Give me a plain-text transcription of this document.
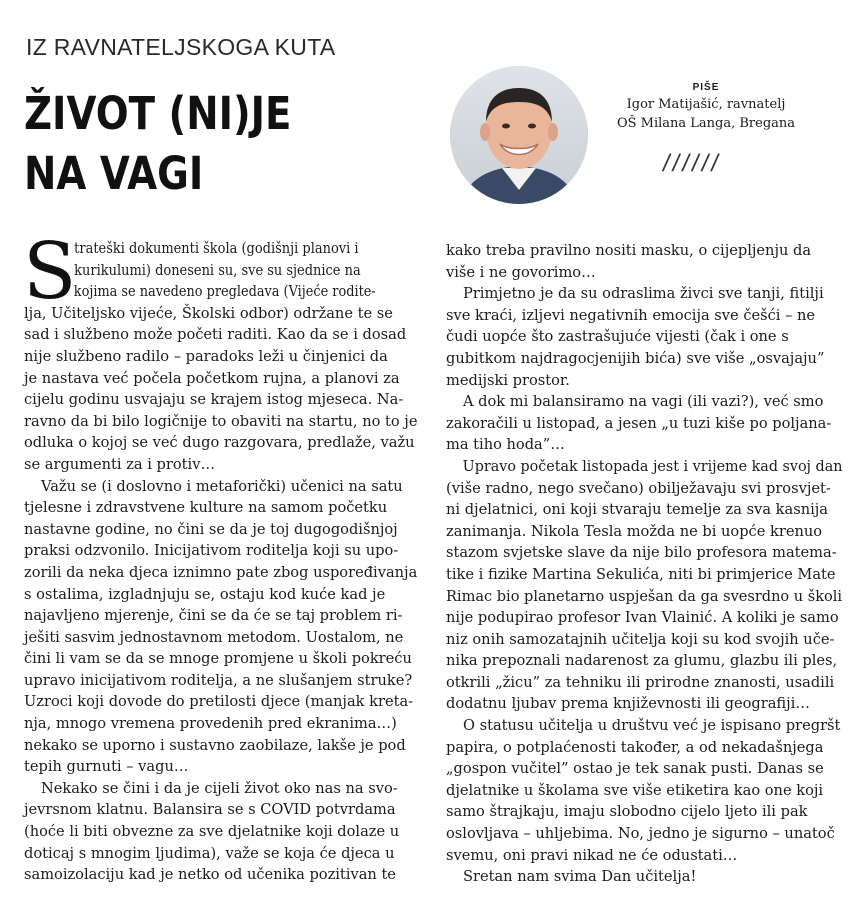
IZ RAVNATELJSKOGA KUTA
ŽIVOT (NI)JE
NA VAGI
PIŠE
Igor Matijašić, ravnatelj
OŠ Milana Langa, Bregana
//////
S
trateški dokumenti škola (godišnji planovi i
kurikulumi) doneseni su, sve su sjednice na
kojima se navedeno pregledava (Vijeće rodite-
lja, Učiteljsko vijeće, Školski odbor) održane te se
sad i službeno može početi raditi. Kao da se i dosad
nije službeno radilo – paradoks leži u činjenici da
je nastava već počela početkom rujna, a planovi za
cijelu godinu usvajaju se krajem istog mjeseca. Na-
ravno da bi bilo logičnije to obaviti na startu, no to je
odluka o kojoj se već dugo razgovara, predlaže, važu
se argumenti za i protiv…
Važu se (i doslovno i metaforički) učenici na satu
tjelesne i zdravstvene kulture na samom početku
nastavne godine, no čini se da je toj dugogodišnjoj
praksi odzvonilo. Inicijativom roditelja koji su upo-
zorili da neka djeca iznimno pate zbog uspoređivanja
s ostalima, izgladnjuju se, ostaju kod kuće kad je
najavljeno mjerenje, čini se da će se taj problem ri-
ješiti sasvim jednostavnom metodom. Uostalom, ne
čini li vam se da se mnoge promjene u školi pokreću
upravo inicijativom roditelja, a ne slušanjem struke?
Uzroci koji dovode do pretilosti djece (manjak kreta-
nja, mnogo vremena provedenih pred ekranima…)
nekako se uporno i sustavno zaobilaze, lakše je pod
tepih gurnuti – vagu…
Nekako se čini i da je cijeli život oko nas na svo-
jevrsnom klatnu. Balansira se s COVID potvrdama
(hoće li biti obvezne za sve djelatnike koji dolaze u
doticaj s mnogim ljudima), važe se koja će djeca u
samoizolaciju kad je netko od učenika pozitivan te
kako treba pravilno nositi masku, o cijepljenju da
više i ne govorimo…
Primjetno je da su odraslima živci sve tanji, fitilji
sve kraći, izljevi negativnih emocija sve češći – ne
čudi uopće što zastrašujuće vijesti (čak i one s
gubitkom najdragocjenijih bića) sve više „osvajaju”
medijski prostor.
A dok mi balansiramo na vagi (ili vazi?), već smo
zakoračili u listopad, a jesen „u tuzi kiše po poljana-
ma tiho hoda”…
Upravo početak listopada jest i vrijeme kad svoj dan
(više radno, nego svečano) obilježavaju svi prosvjet-
ni djelatnici, oni koji stvaraju temelje za sva kasnija
zanimanja. Nikola Tesla možda ne bi uopće krenuo
stazom svjetske slave da nije bilo profesora matema-
tike i fizike Martina Sekulića, niti bi primjerice Mate
Rimac bio planetarno uspješan da ga svesrdno u školi
nije podupirao profesor Ivan Vlainić. A koliki je samo
niz onih samozatajnih učitelja koji su kod svojih uče-
nika prepoznali nadarenost za glumu, glazbu ili ples,
otkrili „žicu” za tehniku ili prirodne znanosti, usadili
dodatnu ljubav prema književnosti ili geografiji…
O statusu učitelja u društvu već je ispisano pregršt
papira, o potplaćenosti također, a od nekadašnjega
„gospon vučitel” ostao je tek sanak pusti. Danas se
djelatnike u školama sve više etiketira kao one koji
samo štrajkaju, imaju slobodno cijelo ljeto ili pak
oslovljava – uhljebima. No, jedno je sigurno – unatoč
svemu, oni pravi nikad ne će odustati…
Sretan nam svima Dan učitelja!
